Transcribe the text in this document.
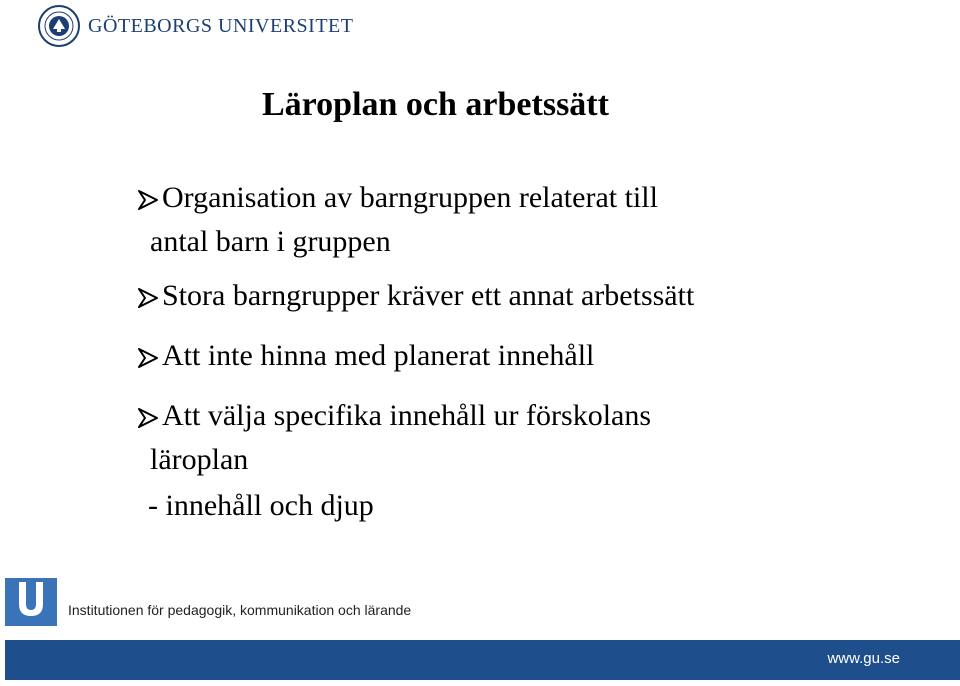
GÖTEBORGS UNIVERSITET
Läroplan och arbetssätt
Organisation av barngruppen relaterat till
antal barn i gruppen
Stora barngrupper kräver ett annat arbetssätt
Att inte hinna med planerat innehåll
Att välja specifika innehåll ur förskolans
läroplan
- innehåll och djup
Institutionen för pedagogik, kommunikation och lärande
www.gu.se
